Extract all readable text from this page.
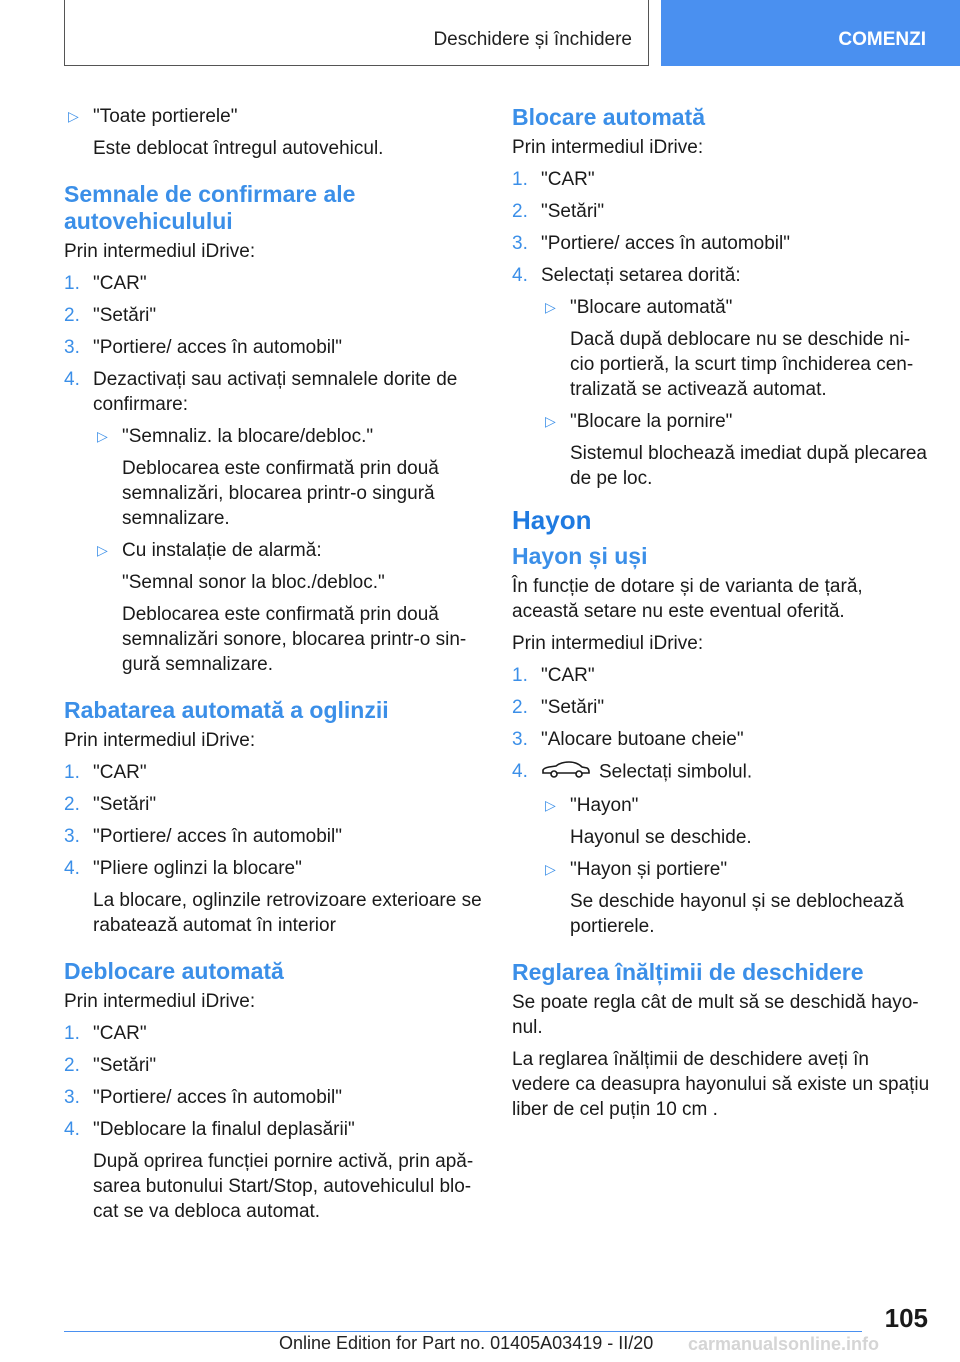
Deschidere și închidere	COMENZI
▷ "Toate portierele"
Este deblocat întregul autovehicul.
Semnale de confirmare ale autovehiculului
Prin intermediul iDrive:
1. "CAR"
2. "Setări"
3. "Portiere/ acces în automobil"
4. Dezactivați sau activați semnalele dorite de confirmare:
▷ "Semnaliz. la blocare/debloc."
Deblocarea este confirmată prin două semnalizări, blocarea printr-o singură semnalizare.
▷ Cu instalație de alarmă:
"Semnal sonor la bloc./debloc."
Deblocarea este confirmată prin două semnalizări sonore, blocarea printr-o sin-gură semnalizare.
Rabatarea automată a oglinzii
Prin intermediul iDrive:
1. "CAR"
2. "Setări"
3. "Portiere/ acces în automobil"
4. "Pliere oglinzi la blocare"
La blocare, oglinzile retrovizoare exterioare se rabatează automat în interior
Deblocare automată
Prin intermediul iDrive:
1. "CAR"
2. "Setări"
3. "Portiere/ acces în automobil"
4. "Deblocare la finalul deplasării"
După oprirea funcției pornire activă, prin apă-sarea butonului Start/Stop, autovehiculul blo-cat se va debloca automat.
Blocare automată
Prin intermediul iDrive:
1. "CAR"
2. "Setări"
3. "Portiere/ acces în automobil"
4. Selectați setarea dorită:
▷ "Blocare automată"
Dacă după deblocare nu se deschide ni-cio portieră, la scurt timp închiderea cen-tralizată se activează automat.
▷ "Blocare la pornire"
Sistemul blochează imediat după plecarea de pe loc.
Hayon
Hayon și uși
În funcție de dotare și de varianta de țară, această setare nu este eventual oferită.
Prin intermediul iDrive:
1. "CAR"
2. "Setări"
3. "Alocare butoane cheie"
4.	Selectați simbolul.
▷ "Hayon"
Hayonul se deschide.
▷ "Hayon și portiere"
Se deschide hayonul și se deblochează portierele.
Reglarea înălțimii de deschidere
Se poate regla cât de mult să se deschidă hayo-nul.
La reglarea înălțimii de deschidere aveți în vedere ca deasupra hayonului să existe un spațiu liber de cel puțin 10 cm .
105
Online Edition for Part no. 01405A03419 - II/20 carmanualsonline.info
